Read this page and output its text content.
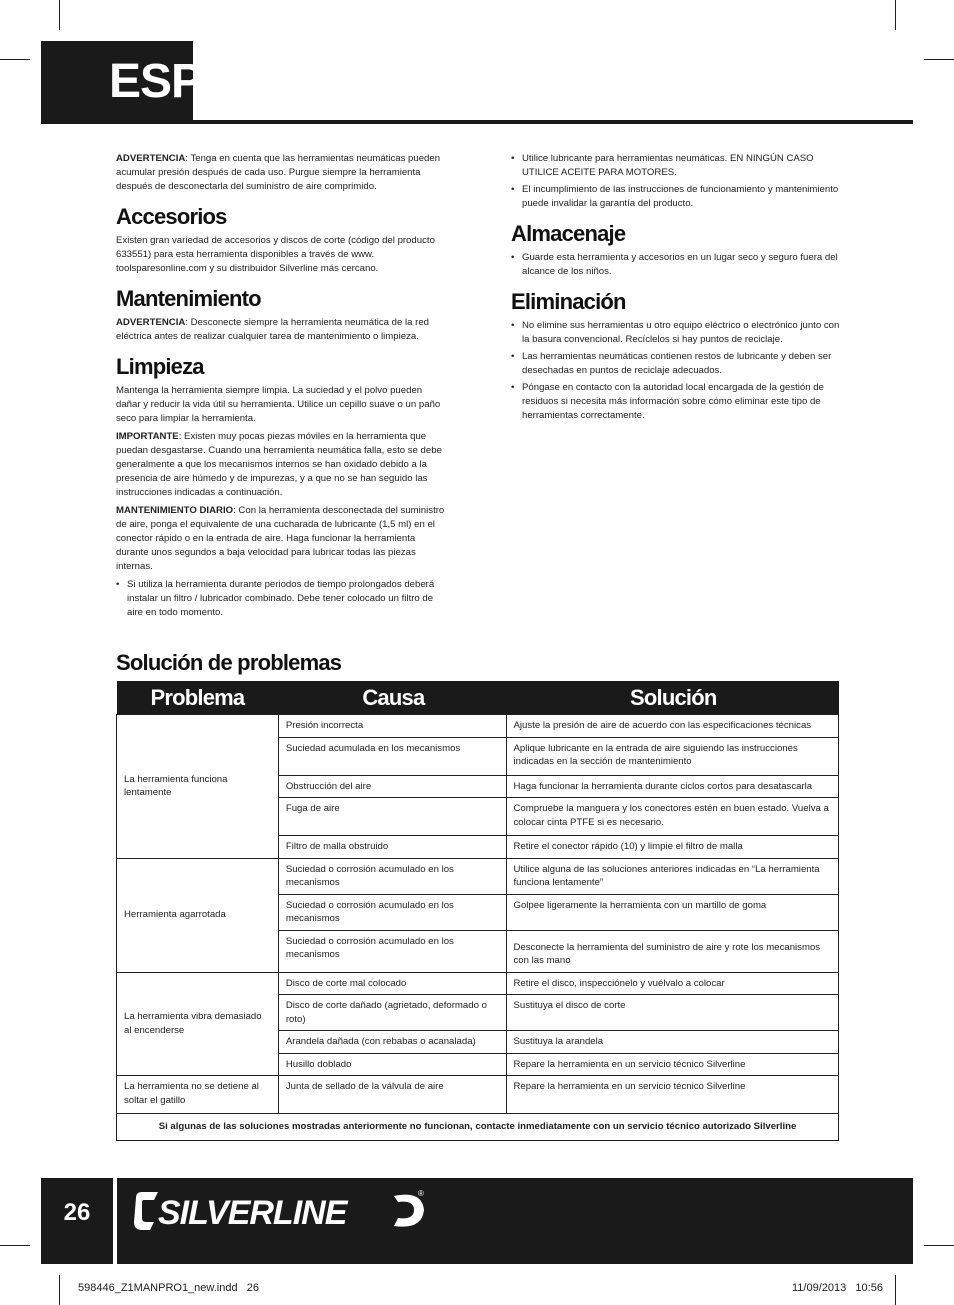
ESP

ADVERTENCIA: Tenga en cuenta que las herramientas neumáticas pueden acumular presión después de cada uso. Purgue siempre la herramienta después de desconectarla del suministro de aire comprimido.

Accesorios

Existen gran variedad de accesorios y discos de corte (código del producto 633551) para esta herramienta disponibles a través de www. toolsparesonline.com y su distribuidor Silverline más cercano.

Mantenimiento

ADVERTENCIA: Desconecte siempre la herramienta neumática de la red eléctrica antes de realizar cualquier tarea de mantenimiento o limpieza.

Limpieza

Mantenga la herramienta siempre limpia. La suciedad y el polvo pueden dañar y reducir la vida útil su herramienta. Utilice un cepillo suave o un paño seco para limpiar la herramienta.

IMPORTANTE: Existen muy pocas piezas móviles en la herramienta que puedan desgastarse. Cuando una herramienta neumática falla, esto se debe generalmente a que los mecanismos internos se han oxidado debido a la presencia de aire húmedo y de impurezas, y a que no se han seguido las instrucciones indicadas a continuación.

MANTENIMIENTO DIARIO: Con la herramienta desconectada del suministro de aire, ponga el equivalente de una cucharada de lubricante (1,5 ml) en el conector rápido o en la entrada de aire. Haga funcionar la herramienta durante unos segundos a baja velocidad para lubricar todas las piezas internas.

• Si utiliza la herramienta durante periodos de tiempo prolongados deberá instalar un filtro / lubricador combinado. Debe tener colocado un filtro de aire en todo momento.
• Utilice lubricante para herramientas neumáticas. EN NINGÚN CASO UTILICE ACEITE PARA MOTORES.
• El incumplimiento de las instrucciones de funcionamiento y mantenimiento puede invalidar la garantía del producto.
Almacenaje
• Guarde esta herramienta y accesorios en un lugar seco y seguro fuera del alcance de los niños.
Eliminación
• No elimine sus herramientas u otro equipo eléctrico o electrónico junto con la basura convencional. Recíclelos si hay puntos de reciclaje.
• Las herramientas neumáticas contienen restos de lubricante y deben ser desechadas en puntos de reciclaje adecuados.
• Póngase en contacto con la autoridad local encargada de la gestión de residuos si necesita más información sobre cómo eliminar este tipo de herramientas correctamente.
Solución de problemas
Problema	Causa	Solución
La herramienta funciona lentamente	Presión incorrecta	Ajuste la presión de aire de acuerdo con las especificaciones técnicas
	Suciedad acumulada en los mecanismos	Aplique lubricante en la entrada de aire siguiendo las instrucciones indicadas en la sección de mantenimiento
	Obstrucción del aire	Haga funcionar la herramienta durante ciclos cortos para desatascarla
	Fuga de aire	Compruebe la manguera y los conectores estén en buen estado. Vuelva a colocar cinta PTFE si es necesario.
	Filtro de malla obstruido	Retire el conector rápido (10) y limpie el filtro de malla
Herramienta agarrotada	Suciedad o corrosión acumulado en los mecanismos	Utilice alguna de las soluciones anteriores indicadas en “La herramienta funciona lentamente”
	Suciedad o corrosión acumulado en los mecanismos	Golpee ligeramente la herramienta con un martillo de goma
	Suciedad o corrosión acumulado en los mecanismos	Desconecte la herramienta del suministro de aire y rote los mecanismos con las mano
La herramienta vibra demasiado al encenderse	Disco de corte mal colocado	Retire el disco, inspecciónelo y vuélvalo a colocar
	Disco de corte dañado (agrietado, deformado o roto)	Sustituya el disco de corte
	Arandela dañada (con rebabas o acanalada)	Sustituya la arandela
	Husillo doblado	Repare la herramienta en un servicio técnico Silverline
La herramienta no se detiene al soltar el gatillo	Junta de sellado de la válvula de aire	Repare la herramienta en un servicio técnico Silverline
Si algunas de las soluciones mostradas anteriormente no funcionan, contacte inmediatamente con un servicio técnico autorizado Silverline		
26	SILVERLINE
®
598446_Z1MANPRO1_new.indd   26	11/09/2013   10:56
